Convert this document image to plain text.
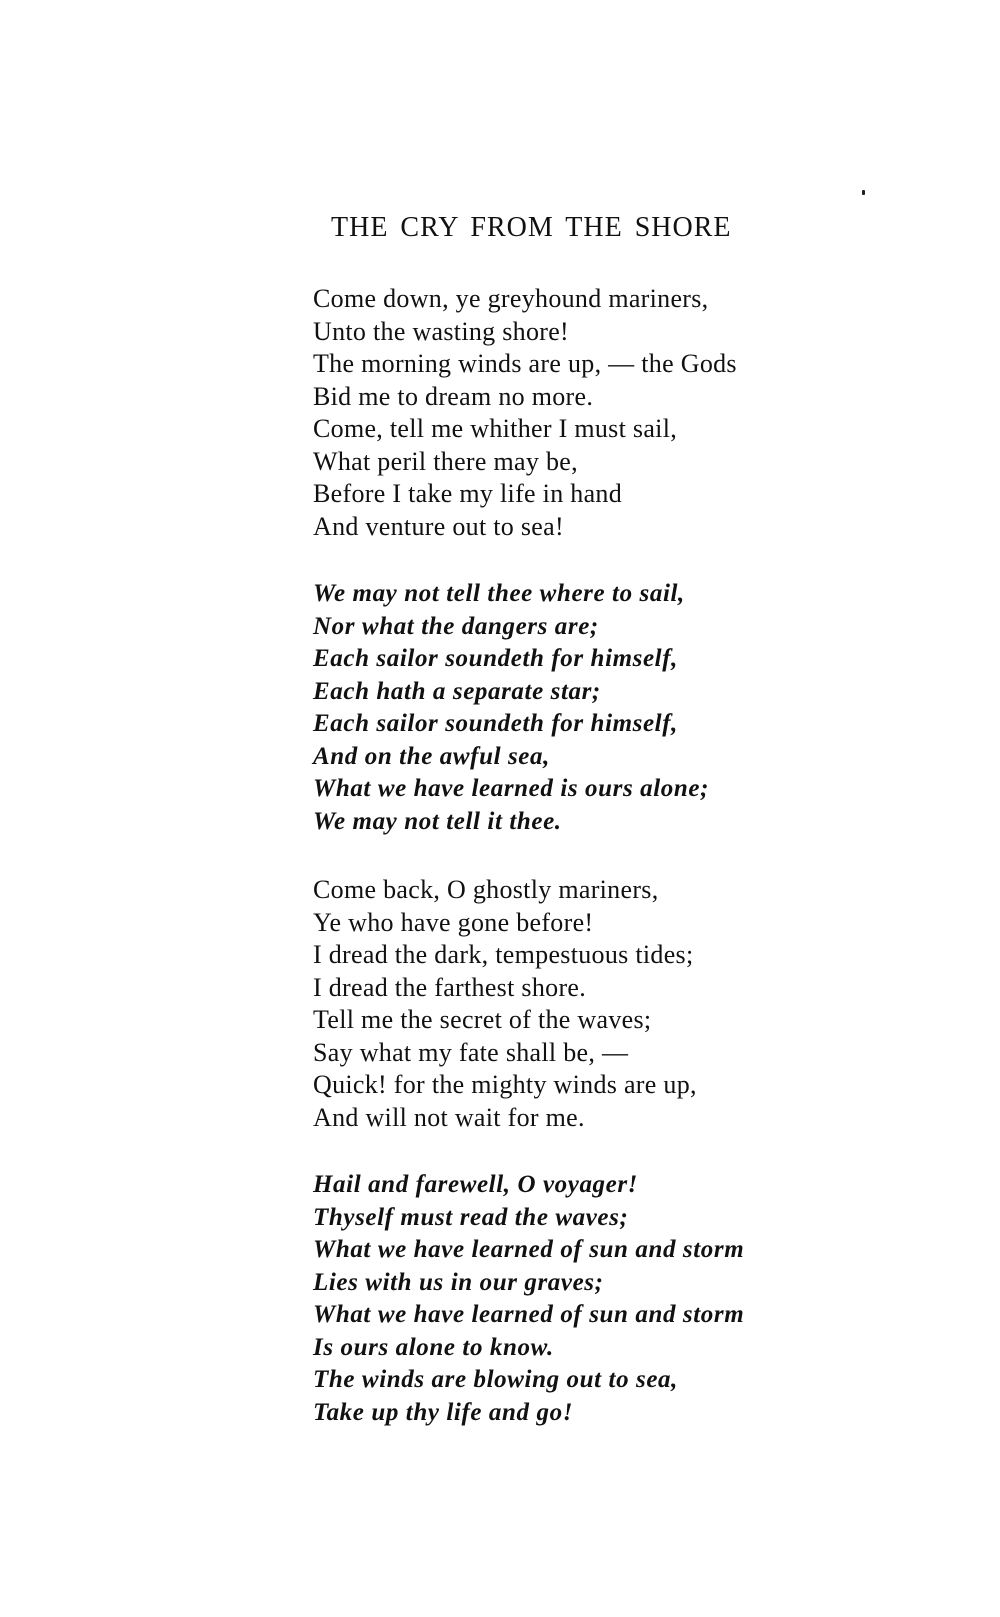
THE CRY FROM THE SHORE
Come down, ye greyhound mariners,
Unto the wasting shore!
The morning winds are up, — the Gods
Bid me to dream no more.
Come, tell me whither I must sail,
What peril there may be,
Before I take my life in hand
And venture out to sea!
We may not tell thee where to sail,
Nor what the dangers are;
Each sailor soundeth for himself,
Each hath a separate star;
Each sailor soundeth for himself,
And on the awful sea,
What we have learned is ours alone;
We may not tell it thee.
Come back, O ghostly mariners,
Ye who have gone before!
I dread the dark, tempestuous tides;
I dread the farthest shore.
Tell me the secret of the waves;
Say what my fate shall be, —
Quick! for the mighty winds are up,
And will not wait for me.
Hail and farewell, O voyager!
Thyself must read the waves;
What we have learned of sun and storm
Lies with us in our graves;
What we have learned of sun and storm
Is ours alone to know.
The winds are blowing out to sea,
Take up thy life and go!
